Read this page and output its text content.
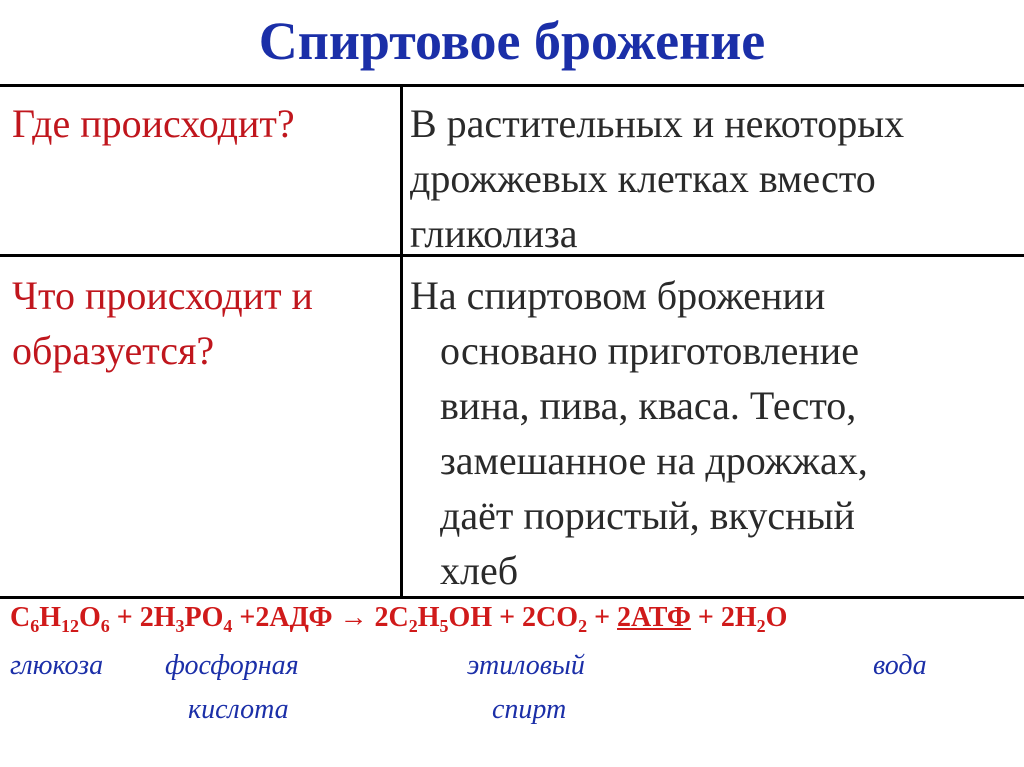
Спиртовое брожение
Где происходит?	В растительных и некоторых
дрожжевых клетках вместо
гликолиза
Что происходит и
образуется?
На спиртовом брожении
основано приготовление
вина, пива, кваса. Тесто,
замешанное на дрожжах,
даёт пористый, вкусный
хлеб
$C_6H_{12}O_6 + 2H_3PO_4 +2АДФ \to 2C_2H_5OH + 2CO_2 + 2АТФ + 2H_2O$
глюкоза фосфорная
кислота
этиловый
спирт
вода
